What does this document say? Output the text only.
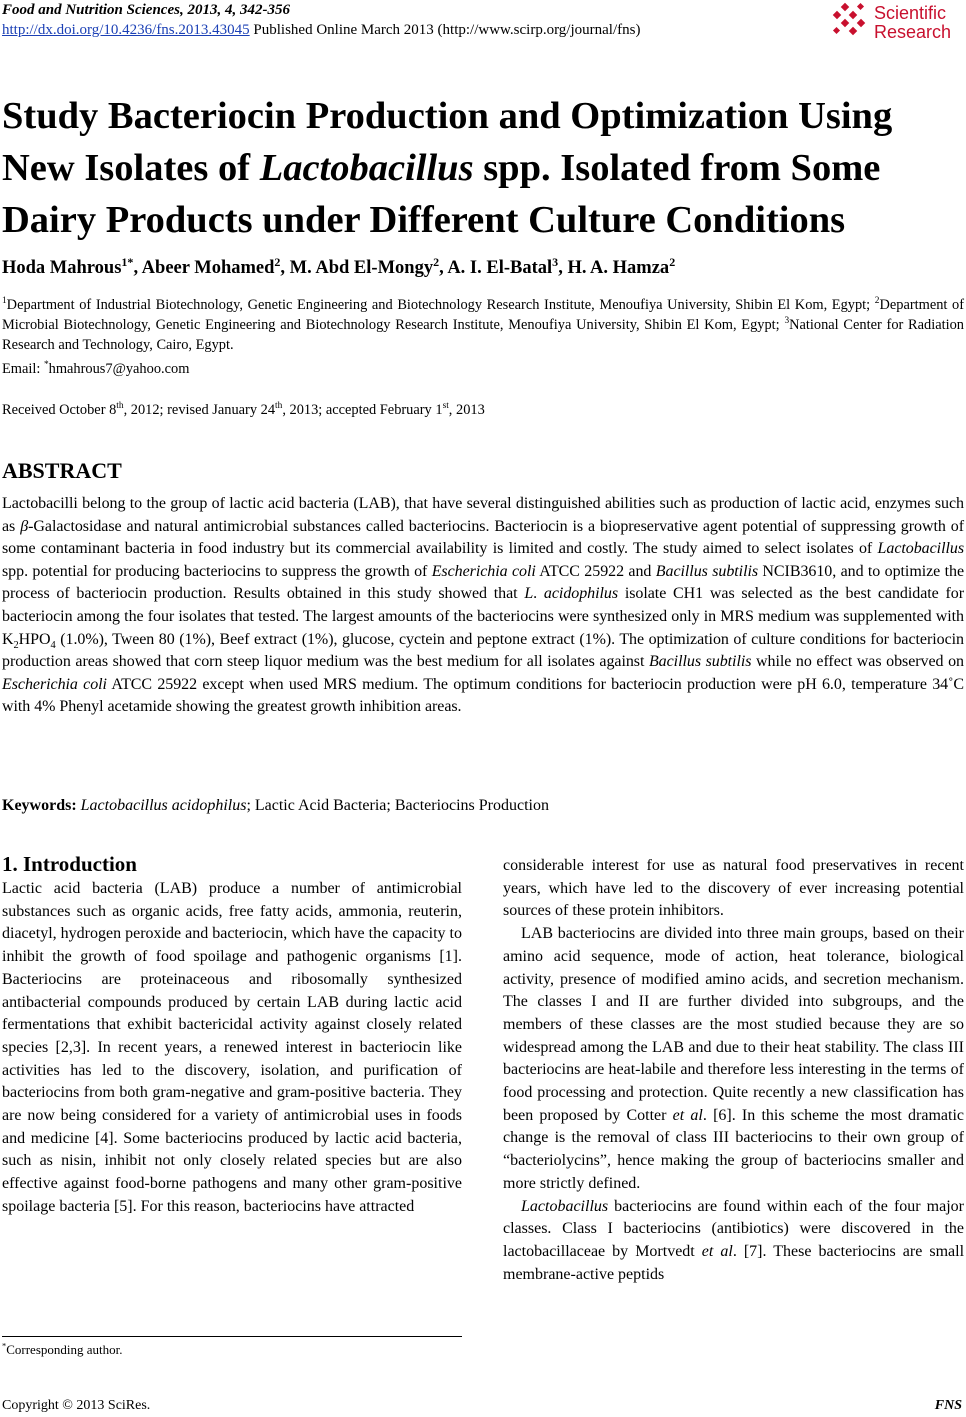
Food and Nutrition Sciences, 2013, 4, 342-356
http://dx.doi.org/10.4236/fns.2013.43045 Published Online March 2013 (http://www.scirp.org/journal/fns)
Scientific
Research
Study Bacteriocin Production and Optimization Using New Isolates of Lactobacillus spp. Isolated from Some Dairy Products under Different Culture Conditions
Hoda Mahrous$^{1*}$, Abeer Mohamed$^2$, M. Abd El-Mongy$^2$, A. I. El-Batal$^3$, H. A. Hamza$^2$
$^1$Department of Industrial Biotechnology, Genetic Engineering and Biotechnology Research Institute, Menoufiya University, Shibin El Kom, Egypt; $^2$Department of Microbial Biotechnology, Genetic Engineering and Biotechnology Research Institute, Menoufiya University, Shibin El Kom, Egypt; $^3$National Center for Radiation Research and Technology, Cairo, Egypt.
Email: *hmahrous7@yahoo.com
Received October 8th, 2012; revised January 24th, 2013; accepted February 1st, 2013
ABSTRACT

Lactobacilli belong to the group of lactic acid bacteria (LAB), that have several distinguished abilities such as production of lactic acid, enzymes such as β-Galactosidase and natural antimicrobial substances called bacteriocins. Bacteriocin is a biopreservative agent potential of suppressing growth of some contaminant bacteria in food industry but its commercial availability is limited and costly. The study aimed to select isolates of Lactobacillus spp. potential for producing bacteriocins to suppress the growth of Escherichia coli ATCC 25922 and Bacillus subtilis NCIB3610, and to optimize the process of bacteriocin production. Results obtained in this study showed that L. acidophilus isolate CH1 was selected as the best candidate for bacteriocin among the four isolates that tested. The largest amounts of the bacteriocins were synthesized only in MRS medium was supplemented with $K_2HPO_4$ (1.0%), Tween 80 (1%), Beef extract (1%), glucose, cyctein and peptone extract (1%). The optimization of culture conditions for bacteriocin production areas showed that corn steep liquor medium was the best medium for all isolates against Bacillus subtilis while no effect was observed on Escherichia coli ATCC 25922 except when used MRS medium. The optimum conditions for bacteriocin production were pH 6.0, temperature 34˚C with 4% Phenyl acetamide showing the greatest growth inhibition areas.

Keywords: Lactobacillus acidophilus; Lactic Acid Bacteria; Bacteriocins Production
1. Introduction

Lactic acid bacteria (LAB) produce a number of antimicrobial substances such as organic acids, free fatty acids, ammonia, reuterin, diacetyl, hydrogen peroxide and bacteriocin, which have the capacity to inhibit the growth of food spoilage and pathogenic organisms [1]. Bacteriocins are proteinaceous and ribosomally synthesized antibacterial compounds produced by certain LAB during lactic acid fermentations that exhibit bactericidal activity against closely related species [2,3]. In recent years, a renewed interest in bacteriocin like activities has led to the discovery, isolation, and purification of bacteriocins from both gram-negative and gram-positive bacteria. They are now being considered for a variety of antimicrobial uses in foods and medicine [4]. Some bacteriocins produced by lactic acid bacteria, such as nisin, inhibit not only closely related species but are also effective against food-borne pathogens and many other gram-positive spoilage bacteria [5]. For this reason, bacteriocins have attracted

considerable interest for use as natural food preservatives in recent years, which have led to the discovery of ever increasing potential sources of these protein inhibitors.

LAB bacteriocins are divided into three main groups, based on their amino acid sequence, mode of action, heat tolerance, biological activity, presence of modified amino acids, and secretion mechanism. The classes I and II are further divided into subgroups, and the members of these classes are the most studied because they are so widespread among the LAB and due to their heat stability. The class III bacteriocins are heat-labile and therefore less interesting in the terms of food processing and protection. Quite recently a new classification has been proposed by Cotter et al. [6]. In this scheme the most dramatic change is the removal of class III bacteriocins to their own group of “bacteriolycins”, hence making the group of bacteriocins smaller and more strictly defined.

Lactobacillus bacteriocins are found within each of the four major classes. Class I bacteriocins (antibiotics) were discovered in the lactobacillaceae by Mortvedt et al. [7]. These bacteriocins are small membrane-active peptids

*Corresponding author.
Copyright © 2013 SciRes.	FNS
